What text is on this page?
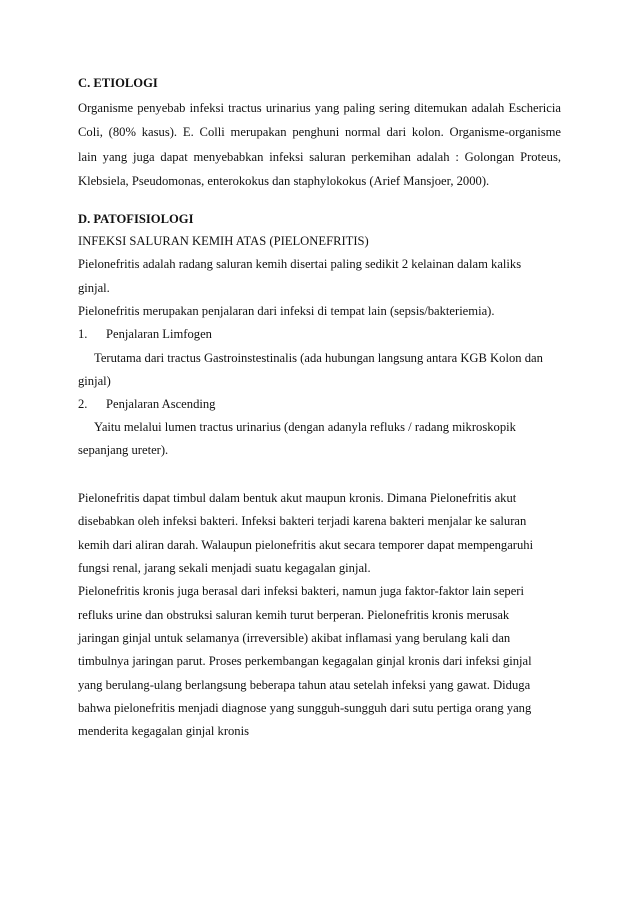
C. ETIOLOGI
Organisme penyebab infeksi tractus urinarius yang paling sering ditemukan adalah Eschericia
Coli, (80% kasus). E. Colli merupakan penghuni normal dari kolon. Organisme-organisme
lain yang juga dapat menyebabkan infeksi saluran perkemihan adalah : Golongan Proteus,
Klebsiela, Pseudomonas, enterokokus dan staphylokokus (Arief Mansjoer, 2000).
D. PATOFISIOLOGI
INFEKSI SALURAN KEMIH ATAS (PIELONEFRITIS)
Pielonefritis adalah radang saluran kemih disertai paling sedikit 2 kelainan dalam kaliks
ginjal.
Pielonefritis merupakan penjalaran dari infeksi di tempat lain (sepsis/bakteriemia).
1. Penjalaran Limfogen
Terutama dari tractus Gastroinstestinalis (ada hubungan langsung antara KGB Kolon dan
ginjal)
2. Penjalaran Ascending
Yaitu melalui lumen tractus urinarius (dengan adanyla refluks / radang mikroskopik
sepanjang ureter).
Pielonefritis dapat timbul dalam bentuk akut maupun kronis. Dimana Pielonefritis akut
disebabkan oleh infeksi bakteri. Infeksi bakteri terjadi karena bakteri menjalar ke saluran
kemih dari aliran darah. Walaupun pielonefritis akut secara temporer dapat mempengaruhi
fungsi renal, jarang sekali menjadi suatu kegagalan ginjal.
Pielonefritis kronis juga berasal dari infeksi bakteri, namun juga faktor-faktor lain seperi
refluks urine dan obstruksi saluran kemih turut berperan. Pielonefritis kronis merusak
jaringan ginjal untuk selamanya (irreversible) akibat inflamasi yang berulang kali dan
timbulnya jaringan parut. Proses perkembangan kegagalan ginjal kronis dari infeksi ginjal
yang berulang-ulang berlangsung beberapa tahun atau setelah infeksi yang gawat. Diduga
bahwa pielonefritis menjadi diagnose yang sungguh-sungguh dari sutu pertiga orang yang
menderita kegagalan ginjal kronis
